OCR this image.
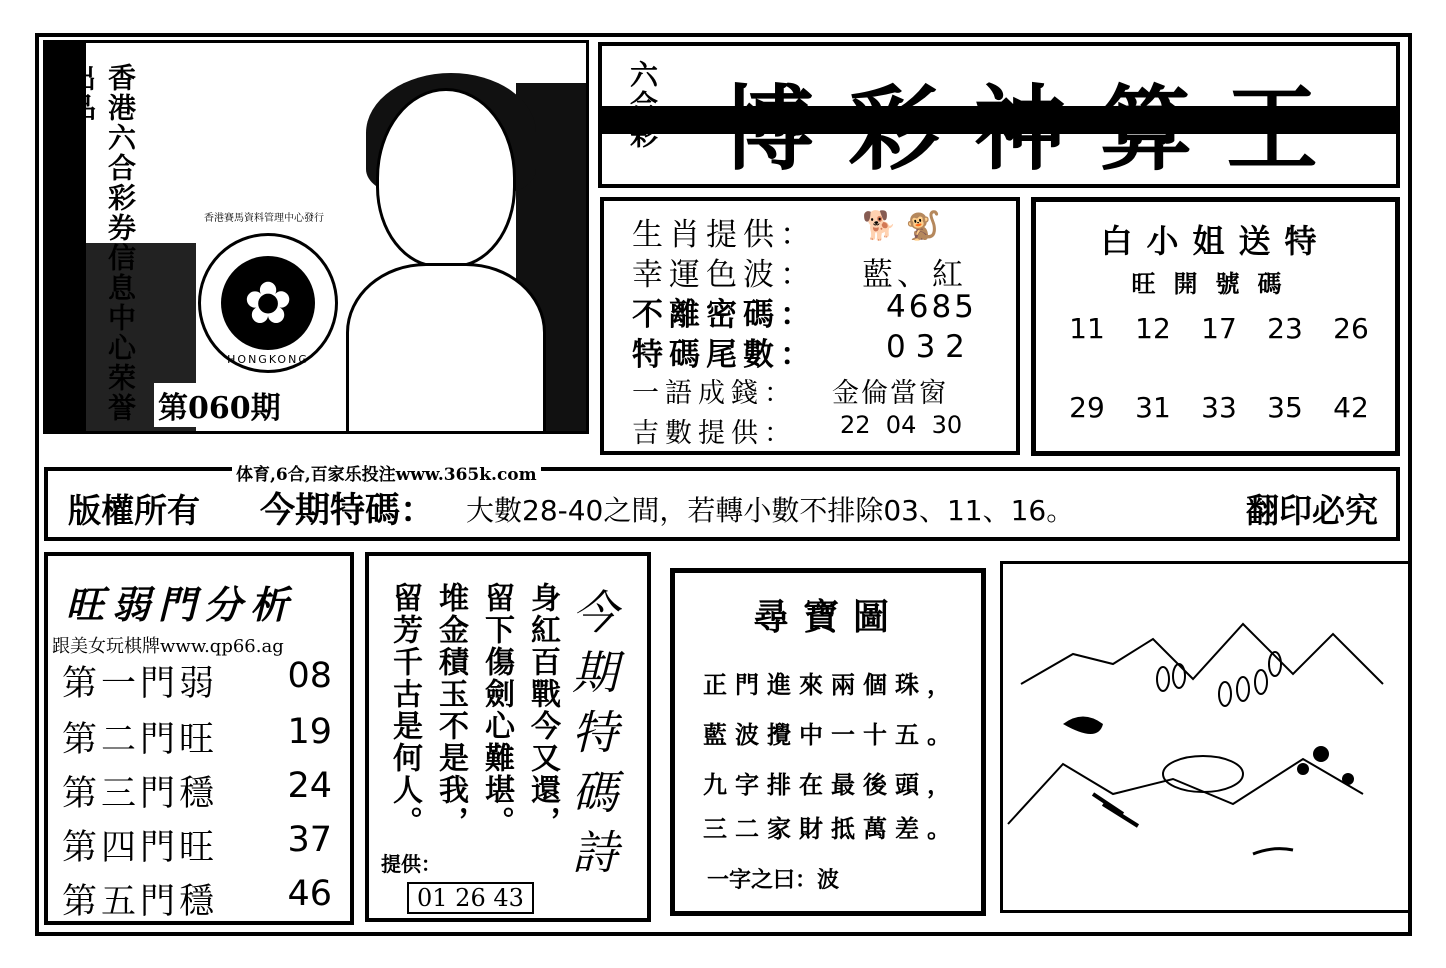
香港六合彩券信息中心荣誉出品
✿
HONGKONG
香港賽馬資料管理中心發行
第060期
六合彩 博彩神算王
生肖提供： 🐕 🐒
幸運色波： 藍、紅
不離密碼： 4685
特碼尾數： 0 3 2
一語成錢： 金倫當窗
吉數提供： 22  04  30
白小姐送特
旺開號碼
11	12	17	23	26
29	31	33	35	42
版權所有 今期特碼： 大數28-40之間，若轉小數不排除03、11、16。	翻印必究
体育,6合,百家乐投注www.365k.com
旺弱門分析
跟美女玩棋牌www.qp66.ag
第一門弱 08
第二門旺 19
第三門穩 24
第四門旺 37
第五門穩 46
身紅百戰今又還，
留下傷劍心難堪。
堆金積玉不是我，
留芳千古是何人。	今期特碼詩
提供：
01 26 43
尋寶圖
正門進來兩個珠，
藍波攪中一十五。
九字排在最後頭，
三二家財抵萬差。
一字之曰：波
